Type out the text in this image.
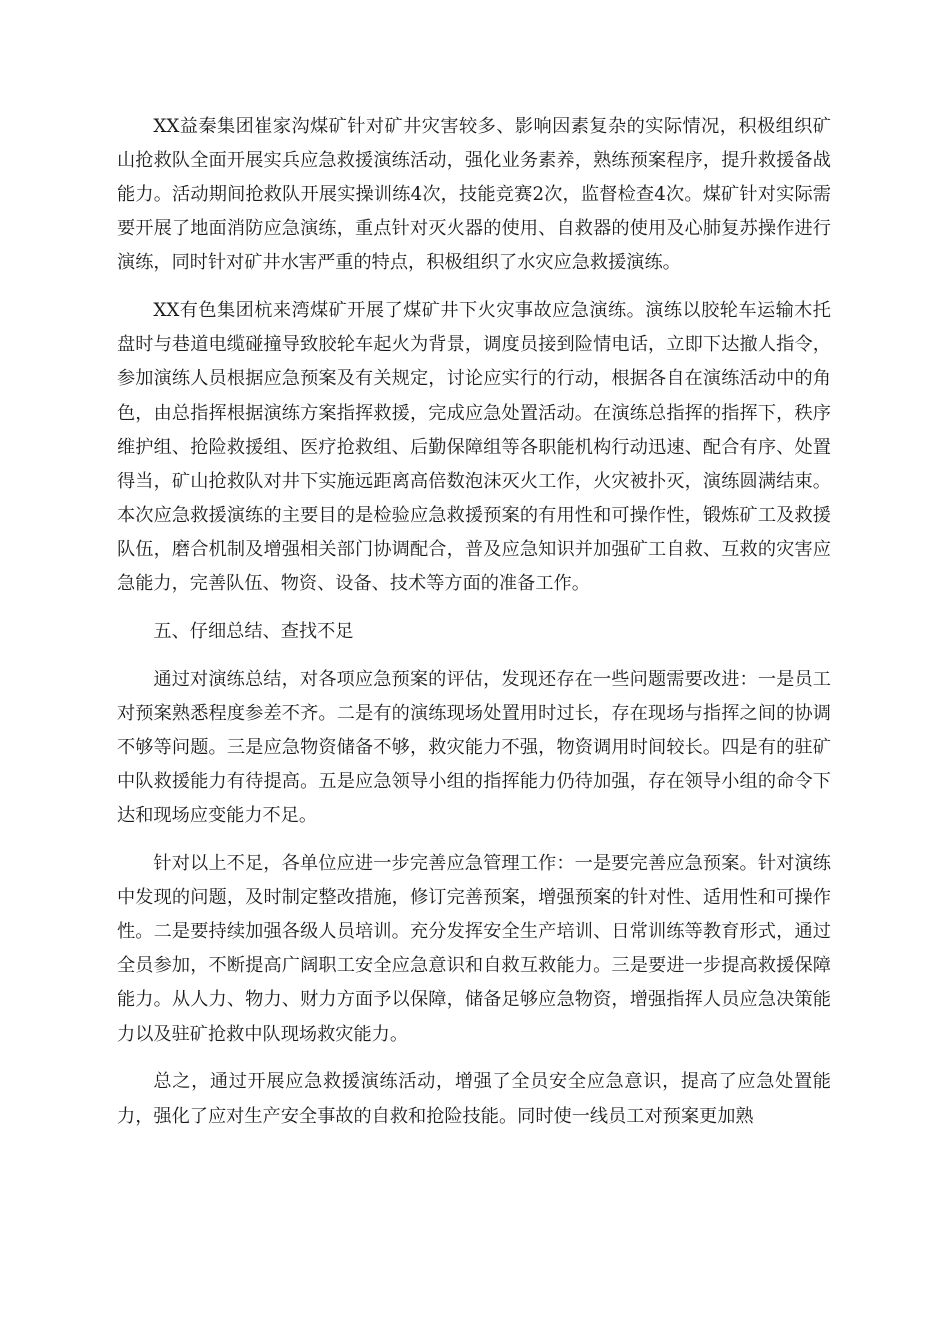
XX益秦集团崔家沟煤矿针对矿井灾害较多、影响因素复杂的实际情况，积极组织矿山抢救队全面开展实兵应急救援演练活动，强化业务素养，熟练预案程序，提升救援备战能力。活动期间抢救队开展实操训练4次，技能竞赛2次，监督检查4次。煤矿针对实际需要开展了地面消防应急演练，重点针对灭火器的使用、自救器的使用及心肺复苏操作进行演练，同时针对矿井水害严重的特点，积极组织了水灾应急救援演练。

XX有色集团杭来湾煤矿开展了煤矿井下火灾事故应急演练。演练以胶轮车运输木托盘时与巷道电缆碰撞导致胶轮车起火为背景，调度员接到险情电话，立即下达撤人指令，参加演练人员根据应急预案及有关规定，讨论应实行的行动，根据各自在演练活动中的角色，由总指挥根据演练方案指挥救援，完成应急处置活动。在演练总指挥的指挥下，秩序维护组、抢险救援组、医疗抢救组、后勤保障组等各职能机构行动迅速、配合有序、处置得当，矿山抢救队对井下实施远距离高倍数泡沫灭火工作，火灾被扑灭，演练圆满结束。本次应急救援演练的主要目的是检验应急救援预案的有用性和可操作性，锻炼矿工及救援队伍，磨合机制及增强相关部门协调配合，普及应急知识并加强矿工自救、互救的灾害应急能力，完善队伍、物资、设备、技术等方面的准备工作。

五、仔细总结、查找不足

通过对演练总结，对各项应急预案的评估，发现还存在一些问题需要改进：一是员工对预案熟悉程度参差不齐。二是有的演练现场处置用时过长，存在现场与指挥之间的协调不够等问题。三是应急物资储备不够，救灾能力不强，物资调用时间较长。四是有的驻矿中队救援能力有待提高。五是应急领导小组的指挥能力仍待加强，存在领导小组的命令下达和现场应变能力不足。

针对以上不足，各单位应进一步完善应急管理工作：一是要完善应急预案。针对演练中发现的问题，及时制定整改措施，修订完善预案，增强预案的针对性、适用性和可操作性。二是要持续加强各级人员培训。充分发挥安全生产培训、日常训练等教育形式，通过全员参加，不断提高广阔职工安全应急意识和自救互救能力。三是要进一步提高救援保障能力。从人力、物力、财力方面予以保障，储备足够应急物资，增强指挥人员应急决策能力以及驻矿抢救中队现场救灾能力。

总之，通过开展应急救援演练活动，增强了全员安全应急意识，提高了应急处置能力，强化了应对生产安全事故的自救和抢险技能。同时使一线员工对预案更加熟
